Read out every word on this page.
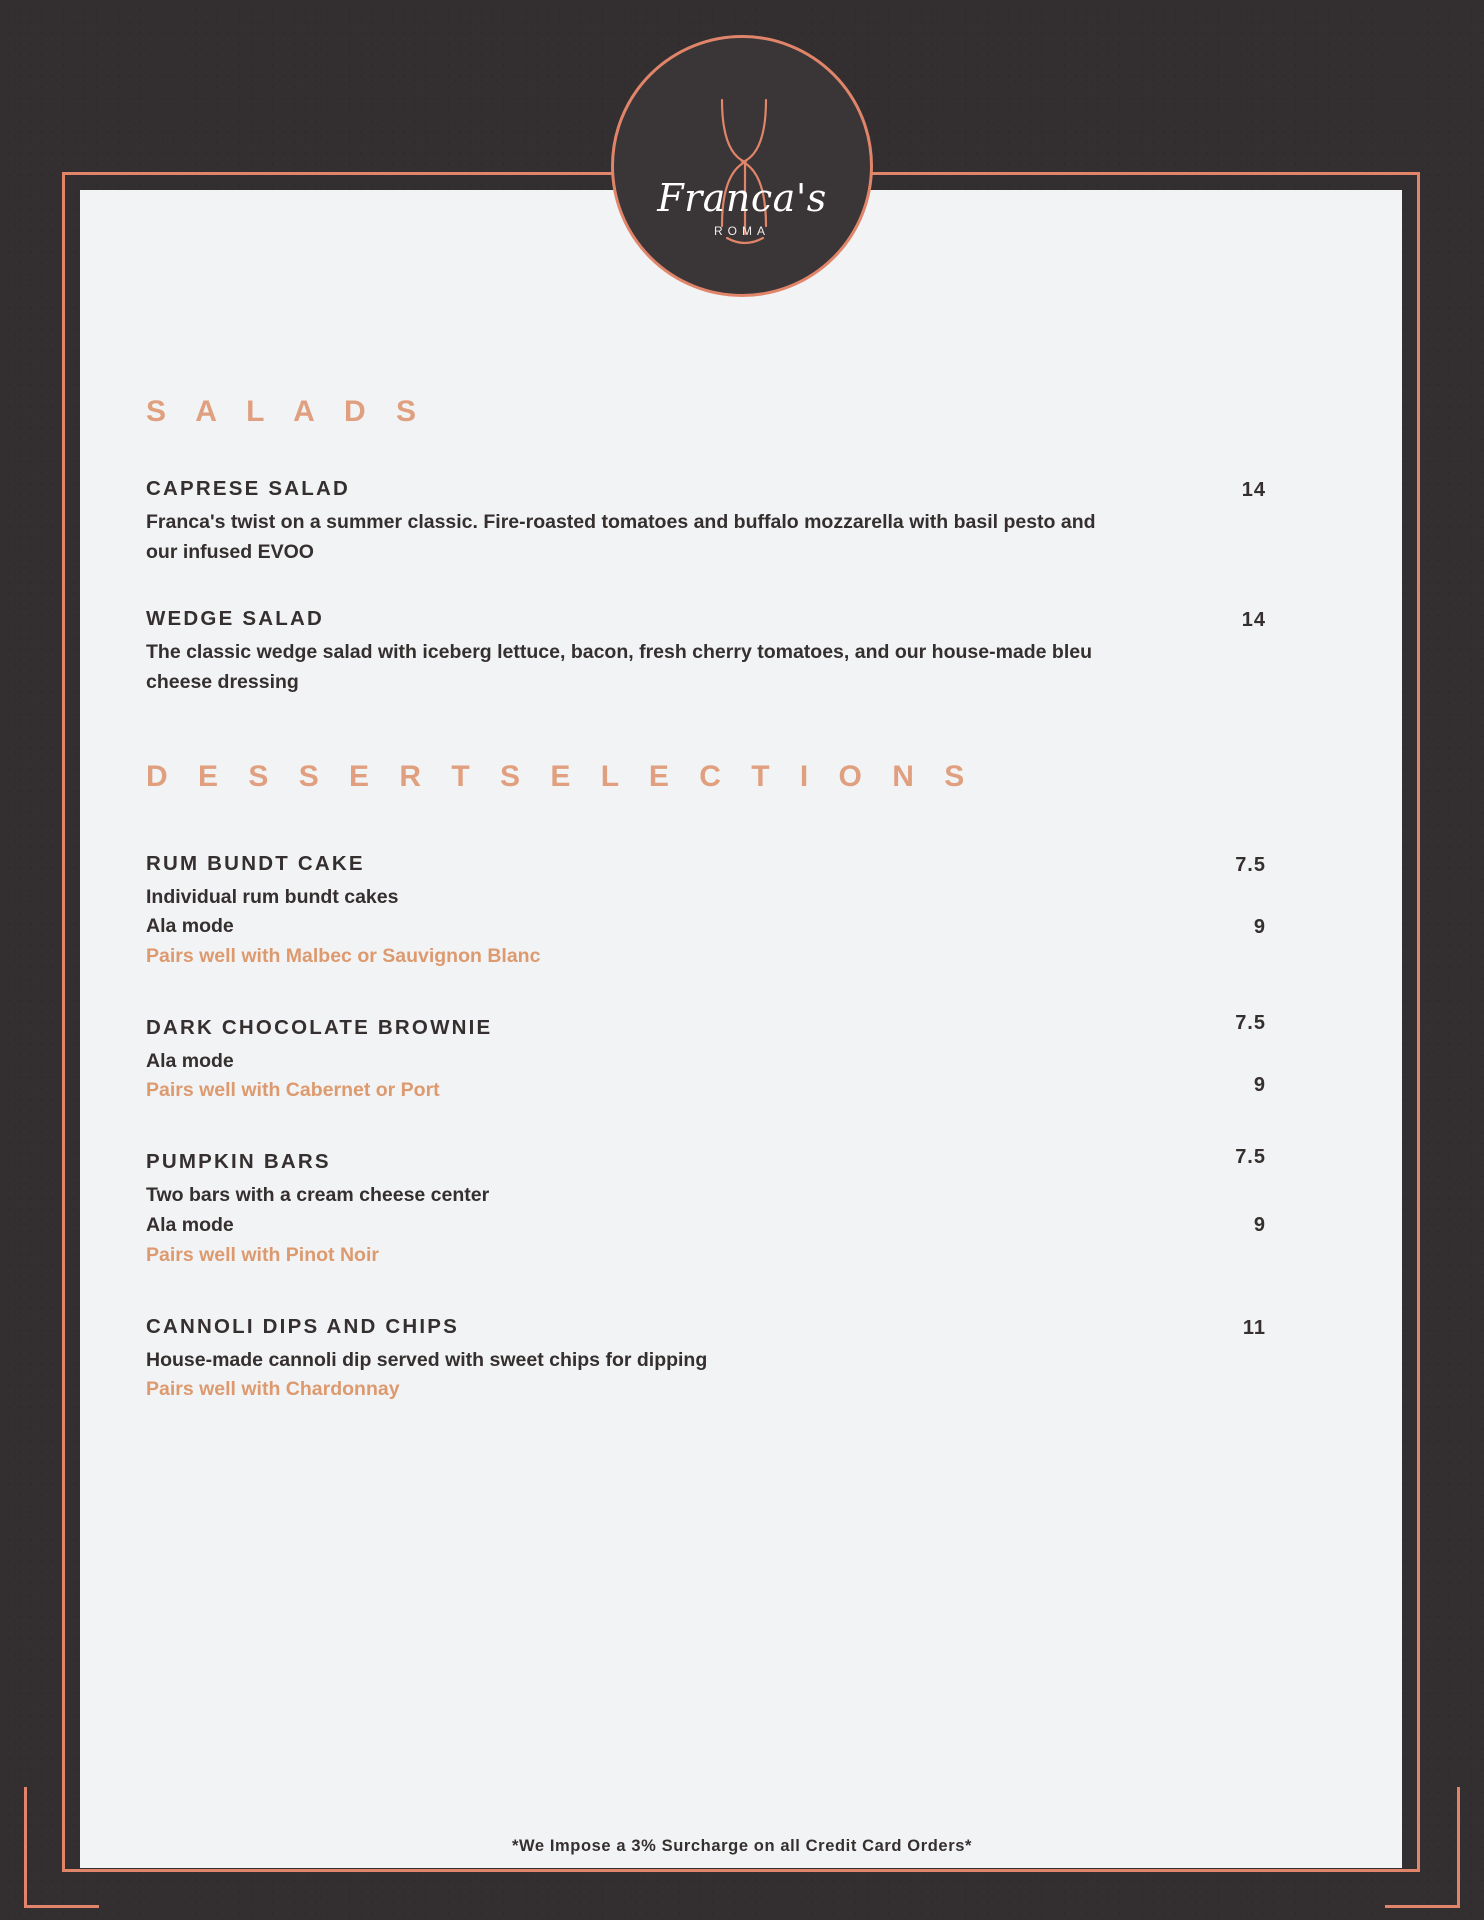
Franca's
ROMA
S A L A D S
CAPRESE SALAD
Franca's twist on a summer classic. Fire-roasted tomatoes and buffalo mozzarella with basil pesto and our infused EVOO
14
WEDGE SALAD
The classic wedge salad with iceberg lettuce, bacon, fresh cherry tomatoes, and our house-made bleu cheese dressing
14
D E S S E R T S E L E C T I O N S
RUM BUNDT CAKE
Individual rum bundt cakes
Ala mode
Pairs well with Malbec or Sauvignon Blanc
7.5
9
DARK CHOCOLATE BROWNIE
Ala mode
Pairs well with Cabernet or Port
7.5
9
PUMPKIN BARS
Two bars with a cream cheese center
Ala mode
Pairs well with Pinot Noir
7.5
9
CANNOLI DIPS AND CHIPS
House-made cannoli dip served with sweet chips for dipping
Pairs well with Chardonnay
11
*We Impose a 3% Surcharge on all Credit Card Orders*
